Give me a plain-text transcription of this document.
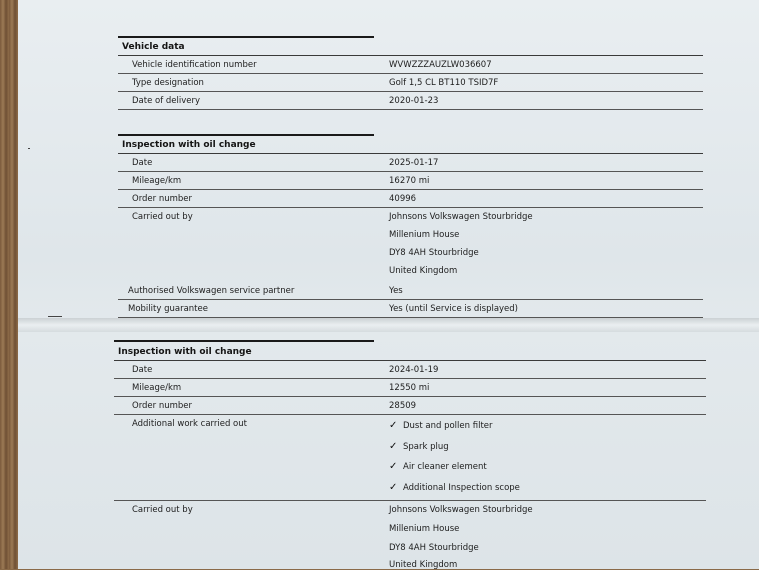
Vehicle data
Vehicle identification number	WVWZZZAUZLW036607
Type designation	Golf 1,5 CL BT110 TSID7F
Date of delivery	2020-01-23
Inspection with oil change
Date	2025-01-17
Mileage/km	16270 mi
Order number	40996
Carried out by	Johnsons Volkswagen Stourbridge
Millenium House
DY8 4AH Stourbridge
United Kingdom
Authorised Volkswagen service partner	Yes
Mobility guarantee	Yes (until Service is displayed)
Inspection with oil change
Date	2024-01-19
Mileage/km	12550 mi
Order number	28509
Additional work carried out	✓ Dust and pollen filter
✓ Spark plug
✓ Air cleaner element
✓ Additional Inspection scope
Carried out by	Johnsons Volkswagen Stourbridge
Millenium House
DY8 4AH Stourbridge
United Kingdom
